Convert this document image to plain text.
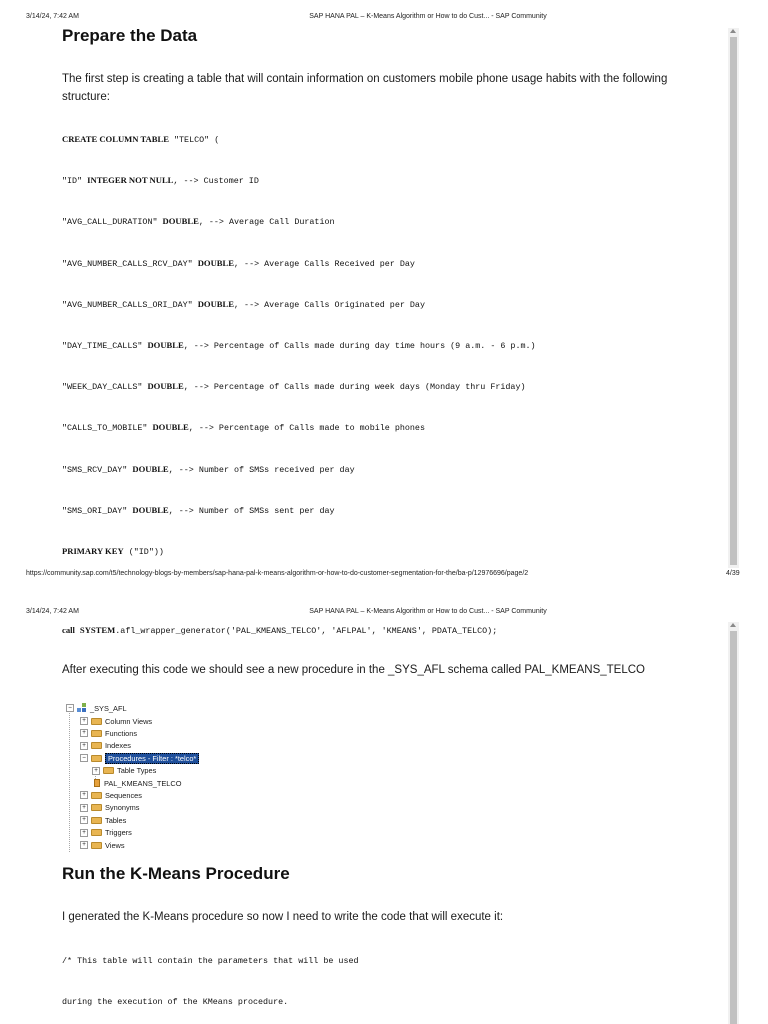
3/14/24, 7:42 AM	SAP HANA PAL – K-Means Algorithm or How to do Cust... - SAP Community
Prepare the Data
The first step is creating a table that will contain information on customers mobile phone usage habits with the following structure:
CREATE COLUMN TABLE "TELCO" (
"ID" INTEGER NOT NULL, --> Customer ID
"AVG_CALL_DURATION" DOUBLE, --> Average Call Duration
"AVG_NUMBER_CALLS_RCV_DAY" DOUBLE, --> Average Calls Received per Day
"AVG_NUMBER_CALLS_ORI_DAY" DOUBLE, --> Average Calls Originated per Day
"DAY_TIME_CALLS" DOUBLE, --> Percentage of Calls made during day time hours (9 a.m. - 6 p.m.)
"WEEK_DAY_CALLS" DOUBLE, --> Percentage of Calls made during week days (Monday thru Friday)
"CALLS_TO_MOBILE" DOUBLE, --> Percentage of Calls made to mobile phones
"SMS_RCV_DAY" DOUBLE, --> Number of SMSs received per day
"SMS_ORI_DAY" DOUBLE, --> Number of SMSs sent per day
PRIMARY KEY ("ID"))
https://community.sap.com/t5/technology-blogs-by-members/sap-hana-pal-k-means-algorithm-or-how-to-do-customer-segmentation-for-the/ba-p/12976696/page/2	4/39
3/14/24, 7:42 AM	SAP HANA PAL – K-Means Algorithm or How to do Cust... - SAP Community
call SYSTEM.afl_wrapper_generator('PAL_KMEANS_TELCO', 'AFLPAL', 'KMEANS', PDATA_TELCO);
After executing this code we should see a new procedure in the _SYS_AFL schema called PAL_KMEANS_TELCO
− _SYS_AFL
+	Column Views
+	Functions
+	Indexes
−	Procedures - Filter : *telco*
+	Table Types
PAL_KMEANS_TELCO
+	Sequences
+	Synonyms
+	Tables
+	Triggers
+	Views
Run the K-Means Procedure
I generated the K-Means procedure so now I need to write the code that will execute it:
/* This table will contain the parameters that will be used
during the execution of the KMeans procedure.
